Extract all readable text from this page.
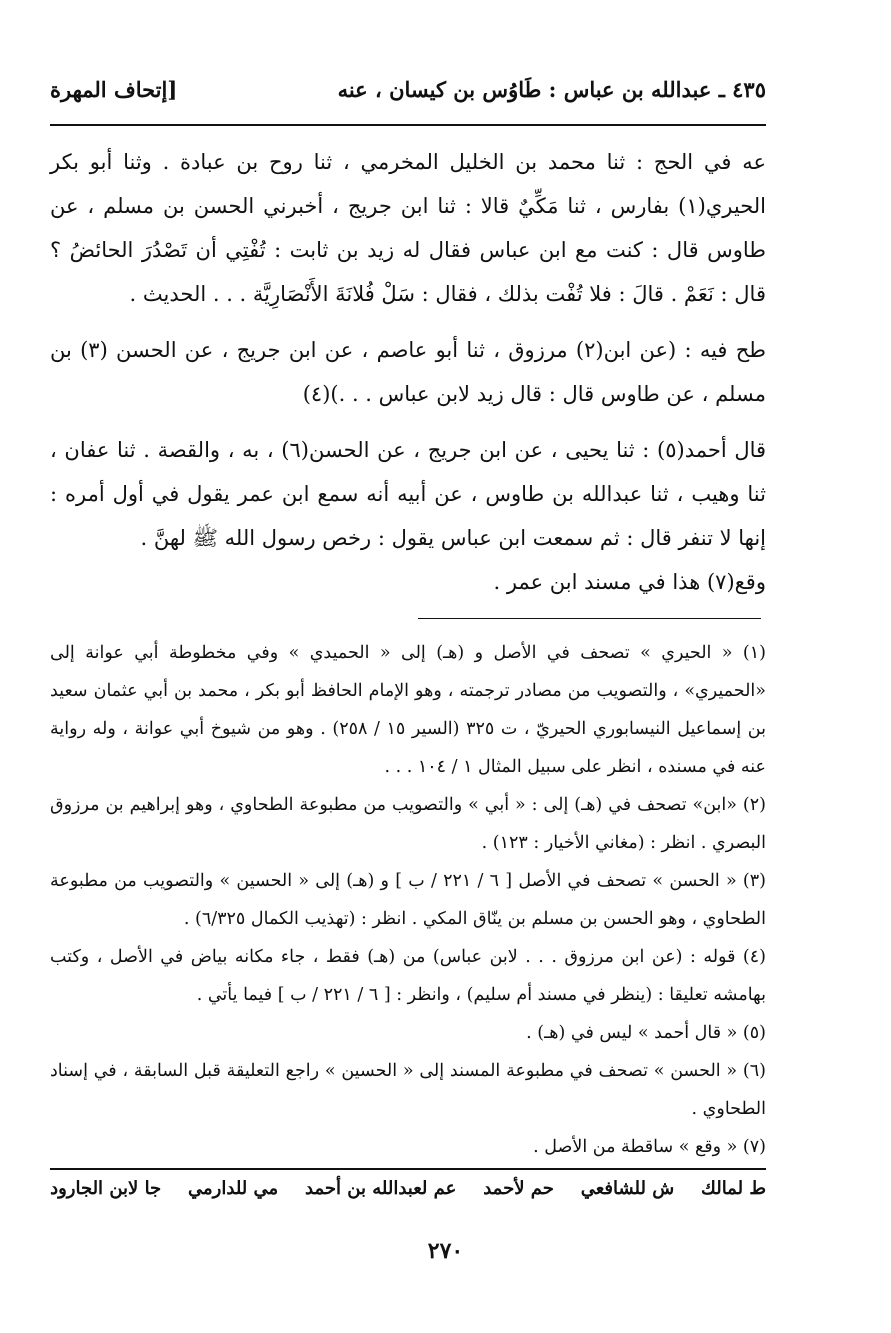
٤٣٥ ـ عبدالله بن عباس : طَاوُس بن كيسان ، عنه
[إتحاف المهرة

عه في الحج : ثنا محمد بن الخليل المخرمي ، ثنا روح بن عبادة . وثنا أبو بكر الحيري(١) بفارس ، ثنا مَكِّيٌ قالا : ثنا ابن جريج ، أخبرني الحسن بن مسلم ، عن طاوس قال : كنت مع ابن عباس فقال له زيد بن ثابت : تُفْتِي أن تَصْدُرَ الحائضُ ؟ قال : نَعَمْ . قالَ : فلا تُفْت بذلك ، فقال : سَلْ فُلانَةَ الأَنْصَارِيَّة . . . الحديث .

طح فيه : (عن ابن(٢) مرزوق ، ثنا أبو عاصم ، عن ابن جريج ، عن الحسن (٣) بن مسلم ، عن طاوس قال : قال زيد لابن عباس . . .)(٤)

قال أحمد(٥) : ثنا يحيى ، عن ابن جريج ، عن الحسن(٦) ، به ، والقصة . ثنا عفان ، ثنا وهيب ، ثنا عبدالله بن طاوس ، عن أبيه أنه سمع ابن عمر يقول في أول أمره : إنها لا تنفر قال : ثم سمعت ابن عباس يقول : رخص رسول الله ﷺ لهنَّ .

وقع(٧) هذا في مسند ابن عمر .

(١) « الحيري » تصحف في الأصل و (هـ) إلى « الحميدي » وفي مخطوطة أبي عوانة إلى «الحميري» ، والتصويب من مصادر ترجمته ، وهو الإمام الحافظ أبو بكر ، محمد بن أبي عثمان سعيد بن إسماعيل النيسابوري الحيريّ ، ت ٣٢٥ (السير ١٥ / ٢٥٨) . وهو من شيوخ أبي عوانة ، وله رواية عنه في مسنده ، انظر على سبيل المثال ١ / ١٠٤ . . .

(٢) «ابن» تصحف في (هـ) إلى : « أبي » والتصويب من مطبوعة الطحاوي ، وهو إبراهيم بن مرزوق البصري . انظر : (مغاني الأخيار : ١٢٣) .

(٣) « الحسن » تصحف في الأصل [ ٦ / ٢٢١ / ب ] و (هـ) إلى « الحسين » والتصويب من مطبوعة الطحاوي ، وهو الحسن بن مسلم بن ينّاق المكي . انظر : (تهذيب الكمال ٦/٣٢٥) .

(٤) قوله : (عن ابن مرزوق . . . لابن عباس) من (هـ) فقط ، جاء مكانه بياض في الأصل ، وكتب بهامشه تعليقا : (ينظر في مسند أم سليم) ، وانظر : [ ٦ / ٢٢١ / ب ] فيما يأتي .

(٥) « قال أحمد » ليس في (هـ) .

(٦) « الحسن » تصحف في مطبوعة المسند إلى « الحسين » راجع التعليقة قبل السابقة ، في إسناد الطحاوي .

(٧) « وقع » ساقطة من الأصل .

ط لمالك
ش للشافعي
حم لأحمد
عم لعبدالله بن أحمد
مي للدارمي
جا لابن الجارود
٢٧٠
